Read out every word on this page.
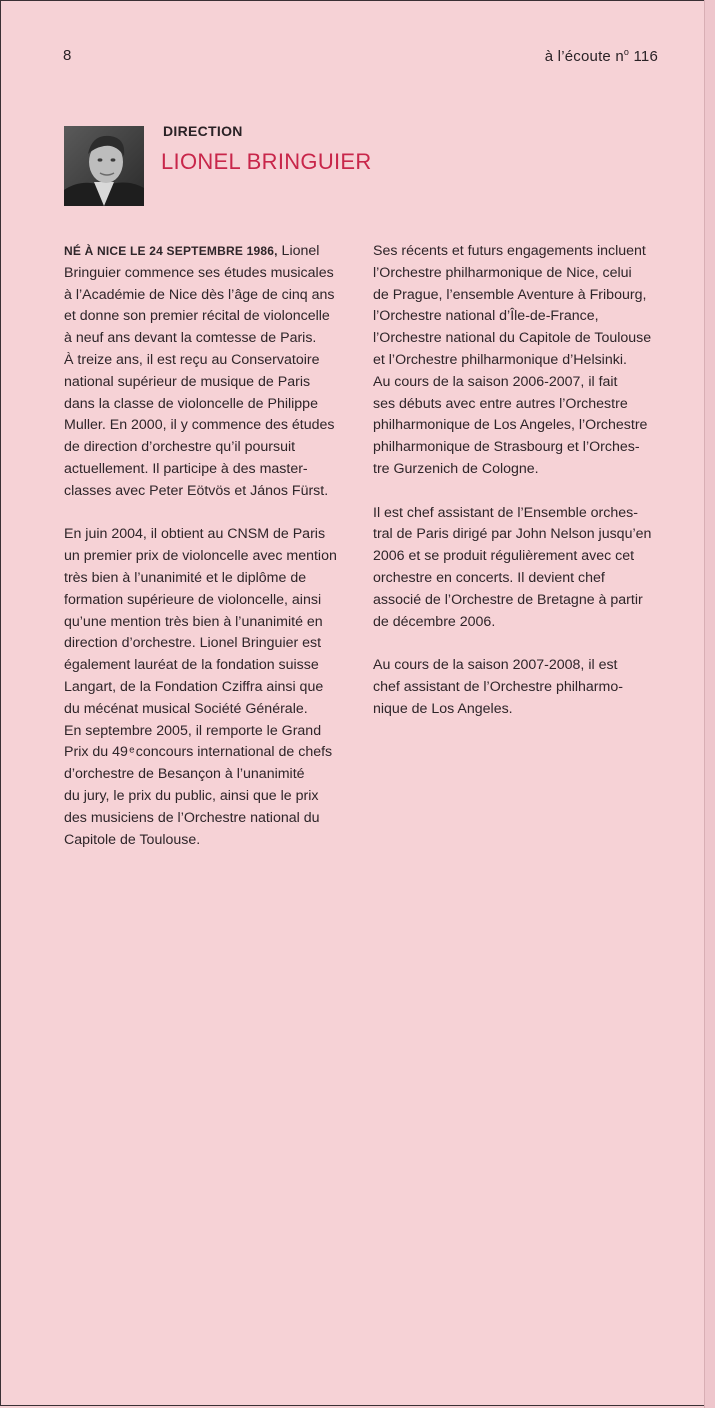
8	à l’écoute $n^o$ 116
DIRECTION
LIONEL BRINGUIER

NÉ À NICE LE 24 SEPTEMBRE 1986, Lionel
Bringuier commence ses études musicales
à l’Académie de Nice dès l’âge de cinq ans
et donne son premier récital de violoncelle
à neuf ans devant la comtesse de Paris.
À treize ans, il est reçu au Conservatoire
national supérieur de musique de Paris
dans la classe de violoncelle de Philippe
Muller. En 2000, il y commence des études
de direction d’orchestre qu’il poursuit
actuellement. Il participe à des master-
classes avec Peter Eötvös et János Fürst.

En juin 2004, il obtient au CNSM de Paris
un premier prix de violoncelle avec mention
très bien à l’unanimité et le diplôme de
formation supérieure de violoncelle, ainsi
qu’une mention très bien à l’unanimité en
direction d’orchestre. Lionel Bringuier est
également lauréat de la fondation suisse
Langart, de la Fondation Cziffra ainsi que
du mécénat musical Société Générale.
En septembre 2005, il remporte le Grand
Prix du 49 ͤ concours international de chefs
d’orchestre de Besançon à l’unanimité
du jury, le prix du public, ainsi que le prix
des musiciens de l’Orchestre national du
Capitole de Toulouse.

Ses récents et futurs engagements incluent
l’Orchestre philharmonique de Nice, celui
de Prague, l’ensemble Aventure à Fribourg,
l’Orchestre national d’Île-de-France,
l’Orchestre national du Capitole de Toulouse
et l’Orchestre philharmonique d’Helsinki.
Au cours de la saison 2006-2007, il fait
ses débuts avec entre autres l’Orchestre
philharmonique de Los Angeles, l’Orchestre
philharmonique de Strasbourg et l’Orches-
tre Gurzenich de Cologne.

Il est chef assistant de l’Ensemble orches-
tral de Paris dirigé par John Nelson jusqu’en
2006 et se produit régulièrement avec cet
orchestre en concerts. Il devient chef
associé de l’Orchestre de Bretagne à partir
de décembre 2006.

Au cours de la saison 2007-2008, il est
chef assistant de l’Orchestre philharmo-
nique de Los Angeles.
